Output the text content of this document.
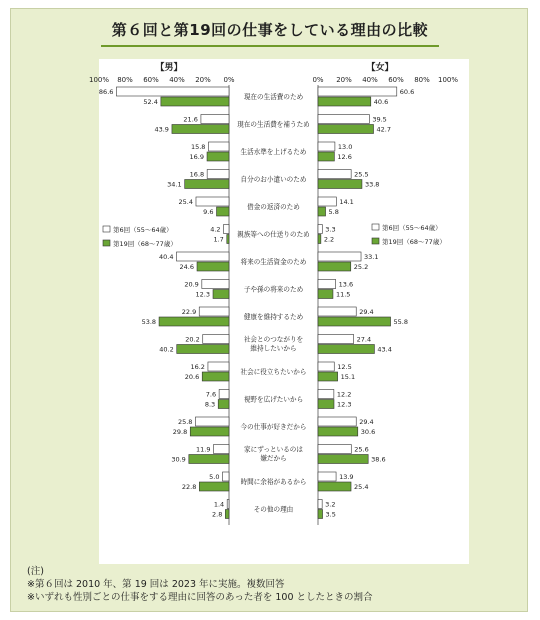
第６回と第19回の仕事をしている理由の比較
【男】	【女】
100% 80% 60% 40% 20% 0%	0% 20% 40% 60% 80% 100%
現在の生活費のため
86.6
52.4
60.6
40.6
現在の生活費を補うため
21.6
43.9
39.5
42.7
生活水準を上げるため
15.8
16.9
13.0
12.6
自分のお小遣いのため
16.8
34.1
25.5
33.8
借金の返済のため
25.4
9.6
14.1
5.8
親族等への仕送りのため
4.2
1.7
3.3
2.2
将来の生活資金のため
40.4
24.6
33.1
25.2
子や孫の将来のため
20.9
12.3
13.6
11.5
健康を維持するため
22.9
53.8
29.4
55.8
社会とのつながりを
維持したいから
20.2
40.2
27.4
43.4
社会に役立ちたいから
16.2
20.6
12.5
15.1
視野を広げたいから
7.6
8.3
12.2
12.3
今の仕事が好きだから
25.8
29.8
29.4
30.6
家にずっといるのは
嫌だから
11.9
30.9
25.6
38.6
時間に余裕があるから
5.0
22.8
13.9
25.4
その他の理由
1.4
2.8
3.2
3.5
第6回（55～64歳）
第19回（68～77歳）
第6回（55～64歳）
第19回（68～77歳）
(注)
※第６回は 2010 年、第 19 回は 2023 年に実施。複数回答
※いずれも性別ごとの仕事をする理由に回答のあった者を 100 としたときの割合
